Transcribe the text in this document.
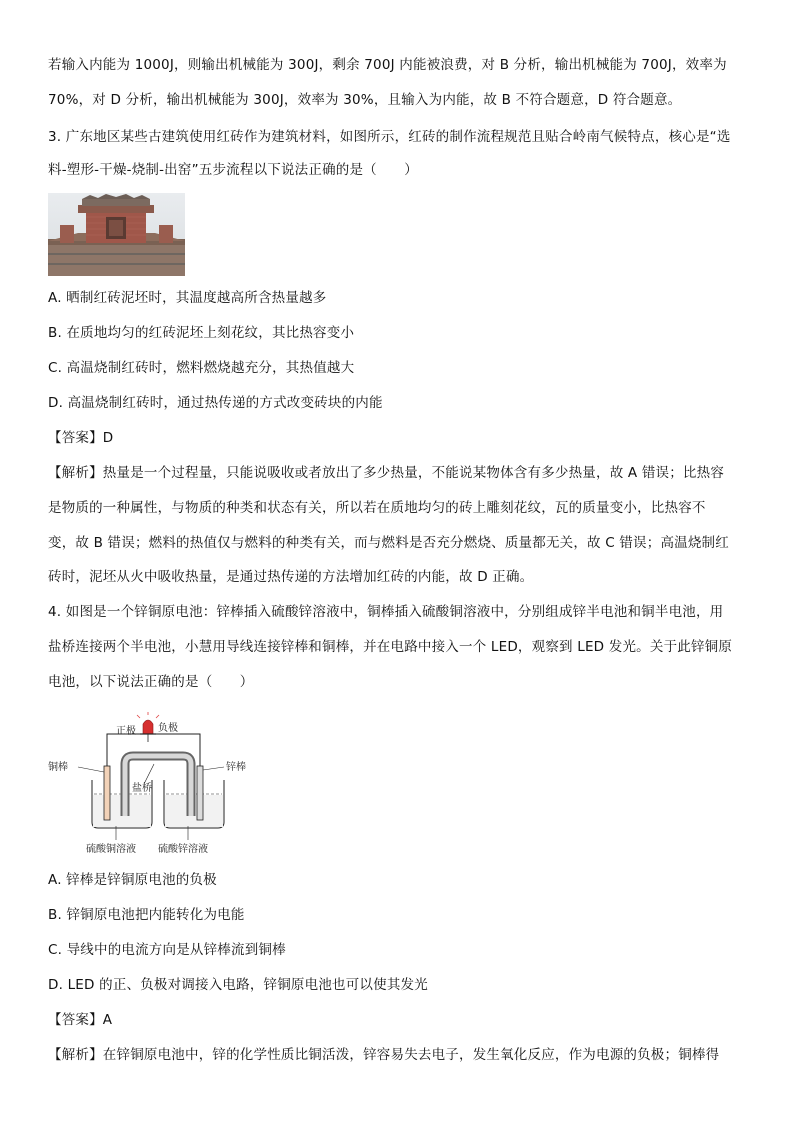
若输入内能为 1000J，则输出机械能为 300J，剩余 700J 内能被浪费，对 B 分析，输出机械能为 700J，效率为
70%，对 D 分析，输出机械能为 300J，效率为 30%，且输入为内能，故 B 不符合题意，D 符合题意。
3. 广东地区某些古建筑使用红砖作为建筑材料，如图所示，红砖的制作流程规范且贴合岭南气候特点，核心是“选
料-塑形-干燥-烧制-出窑”五步流程以下说法正确的是（　　）
A. 晒制红砖泥坯时，其温度越高所含热量越多
B. 在质地均匀的红砖泥坯上刻花纹，其比热容变小
C. 高温烧制红砖时，燃料燃烧越充分，其热值越大
D. 高温烧制红砖时，通过热传递的方式改变砖块的内能
【答案】D
【解析】热量是一个过程量，只能说吸收或者放出了多少热量，不能说某物体含有多少热量，故 A 错误；比热容
是物质的一种属性，与物质的种类和状态有关，所以若在质地均匀的砖上雕刻花纹，瓦的质量变小，比热容不
变，故 B 错误；燃料的热值仅与燃料的种类有关，而与燃料是否充分燃烧、质量都无关，故 C 错误；高温烧制红
砖时，泥坯从火中吸收热量，是通过热传递的方法增加红砖的内能，故 D 正确。
4. 如图是一个锌铜原电池：锌棒插入硫酸锌溶液中，铜棒插入硫酸铜溶液中，分别组成锌半电池和铜半电池，用
盐桥连接两个半电池，小慧用导线连接锌棒和铜棒，并在电路中接入一个 LED，观察到 LED 发光。关于此锌铜原
电池，以下说法正确的是（　　）
正极 负极
铜棒	锌棒
盐桥
硫酸铜溶液 硫酸锌溶液
A. 锌棒是锌铜原电池的负极
B. 锌铜原电池把内能转化为电能
C. 导线中的电流方向是从锌棒流到铜棒
D. LED 的正、负极对调接入电路，锌铜原电池也可以使其发光
【答案】A
【解析】在锌铜原电池中，锌的化学性质比铜活泼，锌容易失去电子，发生氧化反应，作为电源的负极；铜棒得
